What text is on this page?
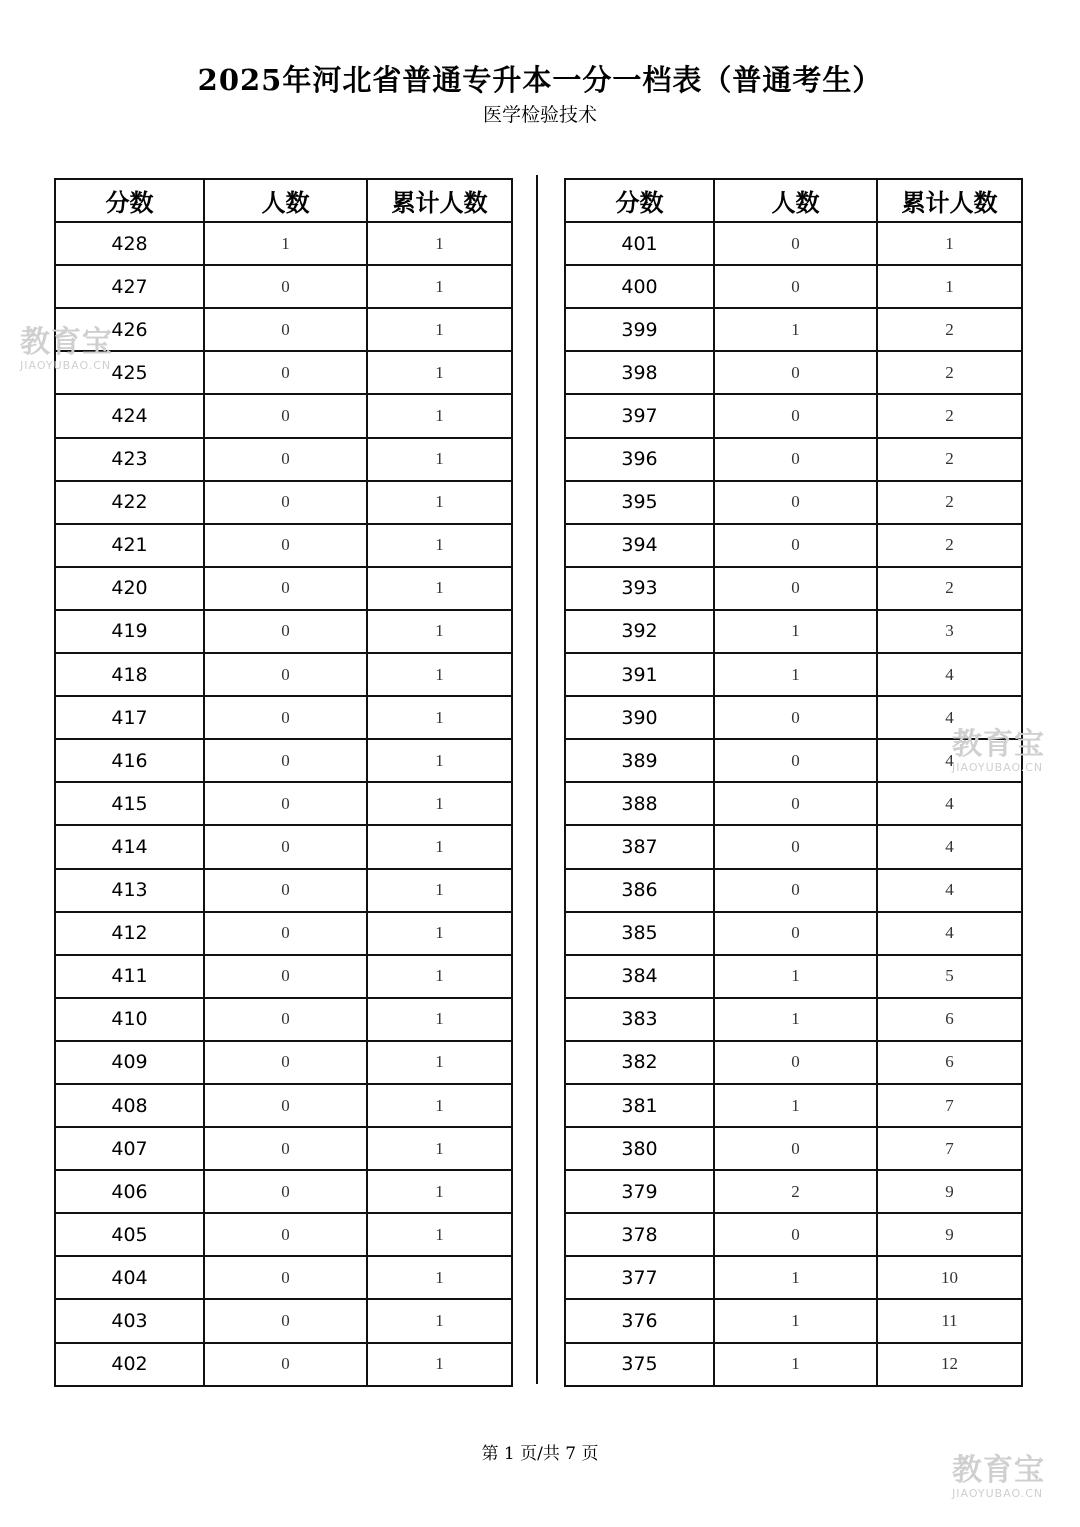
2025年河北省普通专升本一分一档表（普通考生）
医学检验技术
分数	人数	累计人数
428	1	1
427	0	1
426	0	1
425	0	1
424	0	1
423	0	1
422	0	1
421	0	1
420	0	1
419	0	1
418	0	1
417	0	1
416	0	1
415	0	1
414	0	1
413	0	1
412	0	1
411	0	1
410	0	1
409	0	1
408	0	1
407	0	1
406	0	1
405	0	1
404	0	1
403	0	1
402	0	1
分数	人数	累计人数
401	0	1
400	0	1
399	1	2
398	0	2
397	0	2
396	0	2
395	0	2
394	0	2
393	0	2
392	1	3
391	1	4
390	0	4
389	0	4
388	0	4
387	0	4
386	0	4
385	0	4
384	1	5
383	1	6
382	0	6
381	1	7
380	0	7
379	2	9
378	0	9
377	1	10
376	1	11
375	1	12
第 1 页/共 7 页
教育宝
JIAOYUBAO.CN
教育宝
JIAOYUBAO.CN
教育宝
JIAOYUBAO.CN
